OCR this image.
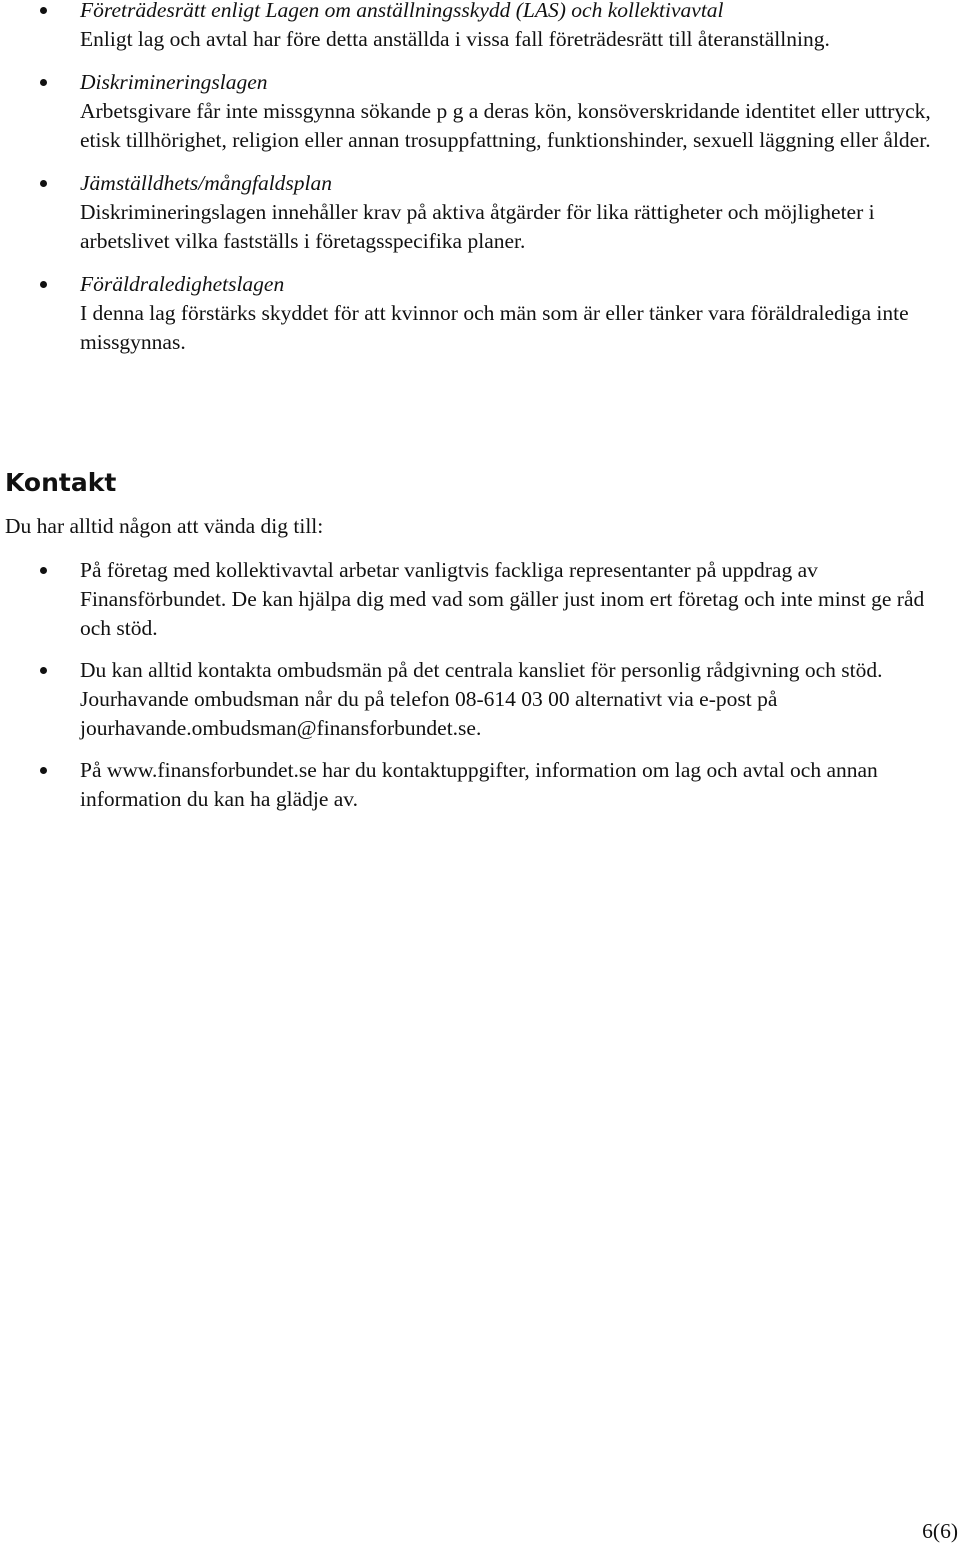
Företrädesrätt enligt Lagen om anställningsskydd (LAS) och kollektivavtal
Enligt lag och avtal har före detta anställda i vissa fall företrädesrätt till återanställning.
Diskrimineringslagen
Arbetsgivare får inte missgynna sökande p g a deras kön, konsöverskridande identitet eller uttryck, etisk tillhörighet, religion eller annan trosuppfattning, funktionshinder, sexuell läggning eller ålder.
Jämställdhets/mångfaldsplan
Diskrimineringslagen innehåller krav på aktiva åtgärder för lika rättigheter och möjligheter i arbetslivet vilka fastställs i företagsspecifika planer.
Föräldraledighetslagen
I denna lag förstärks skyddet för att kvinnor och män som är eller tänker vara föräldralediga inte missgynnas.
Kontakt

Du har alltid någon att vända dig till:

På företag med kollektivavtal arbetar vanligtvis fackliga representanter på uppdrag av Finansförbundet. De kan hjälpa dig med vad som gäller just inom ert företag och inte minst ge råd och stöd.
Du kan alltid kontakta ombudsmän på det centrala kansliet för personlig rådgivning och stöd. Jourhavande ombudsman når du på telefon 08-614 03 00 alternativt via e-post på jourhavande.ombudsman@finansforbundet.se.
På www.finansforbundet.se har du kontaktuppgifter, information om lag och avtal och annan information du kan ha glädje av.
6(6)
